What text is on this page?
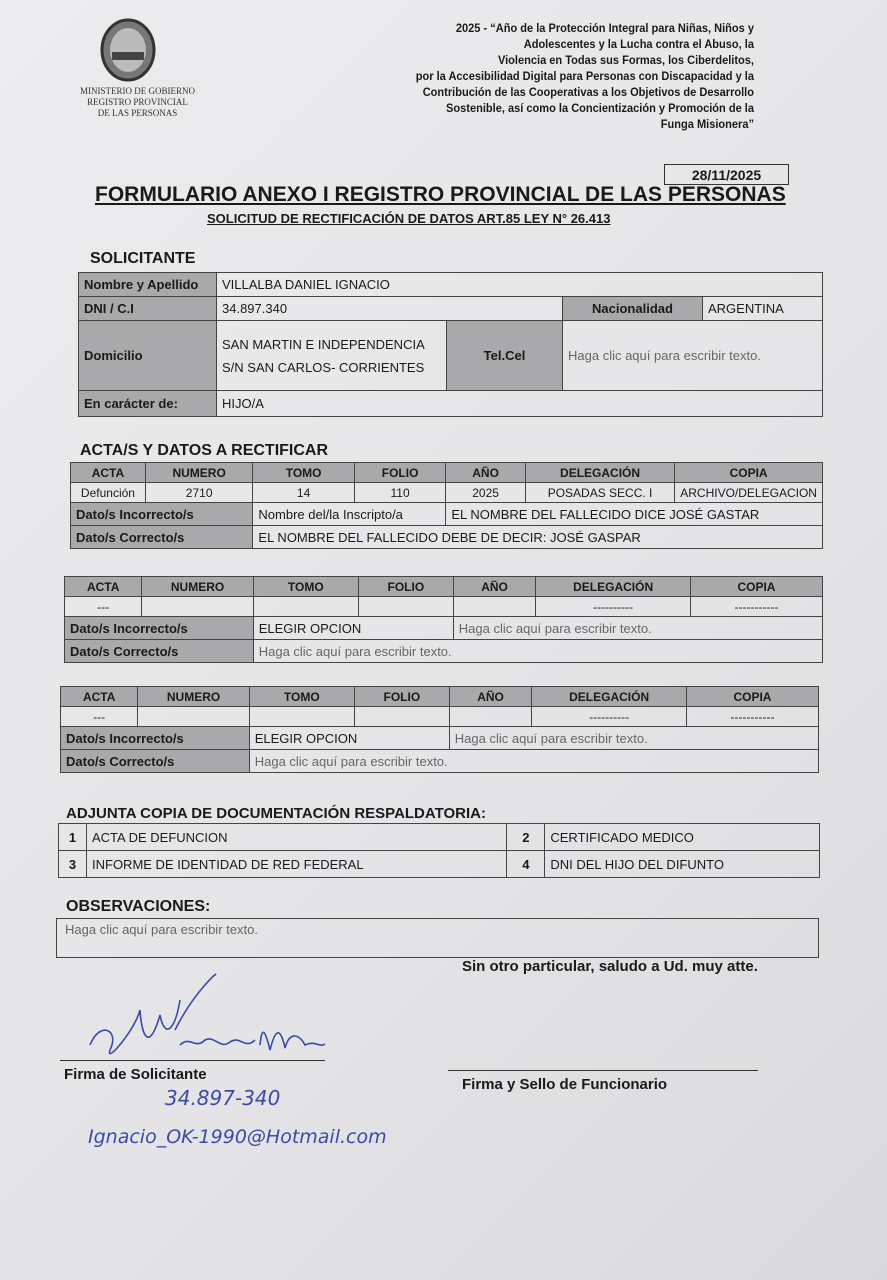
MINISTERIO DE GOBIERNO
REGISTRO PROVINCIAL
DE LAS PERSONAS
2025 - “Año de la Protección Integral para Niñas, Niños y
Adolescentes y la Lucha contra el Abuso, la
Violencia en Todas sus Formas, los Ciberdelitos,
por la Accesibilidad Digital para Personas con Discapacidad y la
Contribución de las Cooperativas a los Objetivos de Desarrollo
Sostenible, así como la Concientización y Promoción de la
Funga Misionera”
28/11/2025
FORMULARIO ANEXO I REGISTRO PROVINCIAL DE LAS PERSONAS
SOLICITUD DE RECTIFICACIÓN DE DATOS ART.85 LEY N° 26.413
SOLICITANTE
Nombre y Apellido	VILLALBA DANIEL IGNACIO			
DNI / C.I	34.897.340		Nacionalidad	ARGENTINA
Domicilio	SAN MARTIN E INDEPENDENCIA S/N SAN CARLOS- CORRIENTES	Tel.Cel	Haga clic aquí para escribir texto.	
En carácter de:	HIJO/A			
ACTA/S Y DATOS A RECTIFICAR
ACTA	NUMERO	TOMO	FOLIO	AÑO	DELEGACIÓN	COPIA
Defunción	2710	14	110	2025	POSADAS SECC. I	ARCHIVO/DELEGACION
Dato/s Incorrecto/s		Nombre del/la Inscripto/a		EL NOMBRE DEL FALLECIDO DICE JOSÉ GASTAR		
Dato/s Correcto/s		EL NOMBRE DEL FALLECIDO DEBE DE DECIR: JOSÉ GASPAR				
ACTA	NUMERO	TOMO	FOLIO	AÑO	DELEGACIÓN	COPIA
---					----------	-----------
Dato/s Incorrecto/s		ELEGIR OPCION		Haga clic aquí para escribir texto.		
Dato/s Correcto/s		Haga clic aquí para escribir texto.				
ACTA	NUMERO	TOMO	FOLIO	AÑO	DELEGACIÓN	COPIA
---					----------	-----------
Dato/s Incorrecto/s		ELEGIR OPCION		Haga clic aquí para escribir texto.		
Dato/s Correcto/s		Haga clic aquí para escribir texto.				
ADJUNTA COPIA DE DOCUMENTACIÓN RESPALDATORIA:
1	ACTA DE DEFUNCION	2	CERTIFICADO MEDICO
3	INFORME DE IDENTIDAD DE RED FEDERAL	4	DNI DEL HIJO DEL DIFUNTO
OBSERVACIONES:
Haga clic aquí para escribir texto.
Sin otro particular, saludo a Ud. muy atte.
Firma de Solicitante
34.897-340
Ignacio_OK-1990@Hotmail.com
Firma y Sello de Funcionario
